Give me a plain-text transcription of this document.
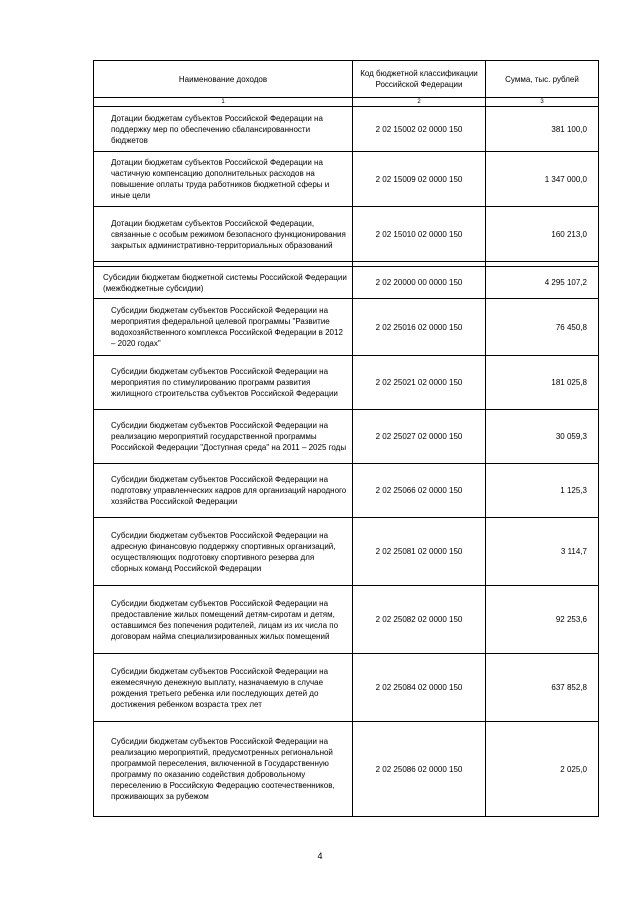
Наименование доходов	Код бюджетной классификации Российской Федерации	Сумма, тыс. рублей
1	2	3
Дотации бюджетам субъектов Российской Федерации на поддержку мер по обеспечению сбалансированности бюджетов	2 02 15002 02 0000 150	381 100,0
Дотации бюджетам субъектов Российской Федерации на частичную компенсацию дополнительных расходов на повышение оплаты труда работников бюджетной сферы и иные цели	2 02 15009 02 0000 150	1 347 000,0
Дотации бюджетам субъектов Российской Федерации, связанные с особым режимом безопасного функционирования закрытых административно-территориальных образований	2 02 15010 02 0000 150	160 213,0

Субсидии бюджетам бюджетной системы Российской Федерации (межбюджетные субсидии)	2 02 20000 00 0000 150	4 295 107,2
Субсидии бюджетам субъектов Российской Федерации на мероприятия федеральной целевой программы "Развитие водохозяйственного комплекса Российской Федерации в 2012 – 2020 годах"	2 02 25016 02 0000 150	76 450,8
Субсидии бюджетам субъектов Российской Федерации на мероприятия по стимулированию программ развития жилищного строительства субъектов Российской Федерации	2 02 25021 02 0000 150	181 025,8
Субсидии бюджетам субъектов Российской Федерации на реализацию мероприятий государственной программы Российской Федерации "Доступная среда" на 2011 – 2025 годы	2 02 25027 02 0000 150	30 059,3
Субсидии бюджетам субъектов Российской Федерации на подготовку управленческих кадров для организаций народного хозяйства Российской Федерации	2 02 25066 02 0000 150	1 125,3
Субсидии бюджетам субъектов Российской Федерации на адресную финансовую поддержку спортивных организаций, осуществляющих подготовку спортивного резерва для сборных команд Российской Федерации	2 02 25081 02 0000 150	3 114,7
Субсидии бюджетам субъектов Российской Федерации на предоставление жилых помещений детям-сиротам и детям, оставшимся без попечения родителей, лицам из их числа по договорам найма специализированных жилых помещений	2 02 25082 02 0000 150	92 253,6
Субсидии бюджетам субъектов Российской Федерации на ежемесячную денежную выплату, назначаемую в случае рождения третьего ребенка или последующих детей до достижения ребенком возраста трех лет	2 02 25084 02 0000 150	637 852,8
Субсидии бюджетам субъектов Российской Федерации на реализацию мероприятий, предусмотренных региональной программой переселения, включенной в Государственную программу по оказанию содействия добровольному переселению в Российскую Федерацию соотечественников, проживающих за рубежом	2 02 25086 02 0000 150	2 025,0
4
